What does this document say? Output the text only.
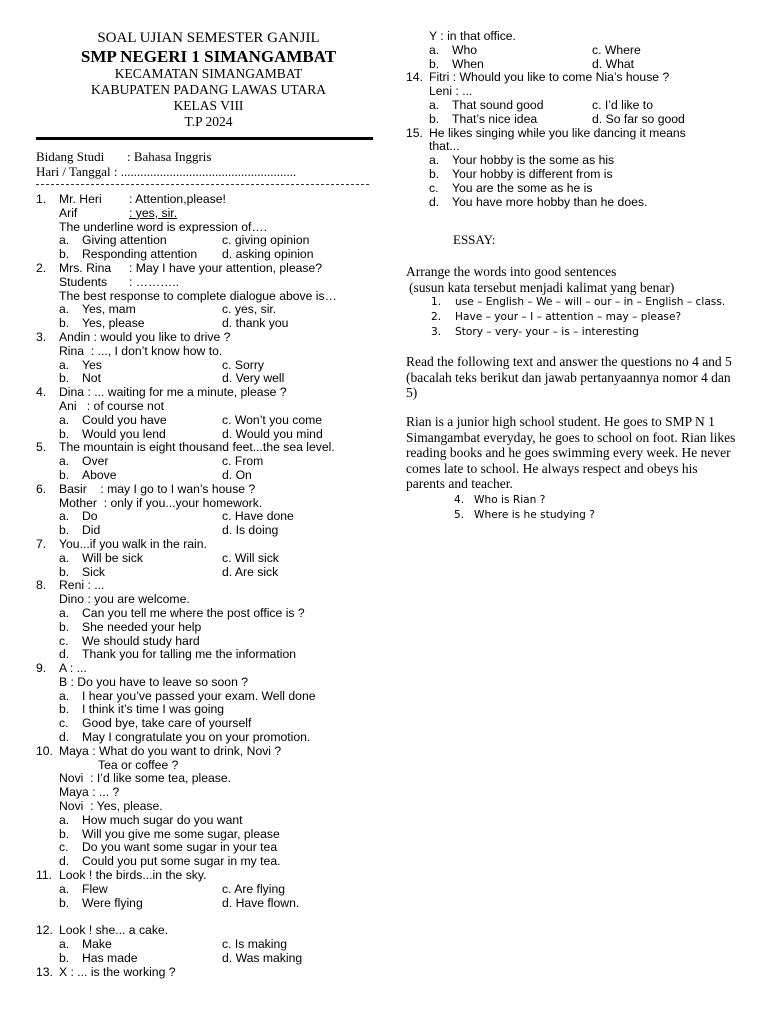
SOAL UJIAN SEMESTER GANJIL
SMP NEGERI 1 SIMANGAMBAT
KECAMATAN SIMANGAMBAT
KABUPATEN PADANG LAWAS UTARA
KELAS VIII
T.P 2024
Bidang Studi : Bahasa Inggris
Hari / Tanggal : ......................................................
1. Mr. Heri : Attention,please!
Arif	: yes, sir.
The underline word is expression of….
a. Giving attention	c. giving opinion
b. Responding attention	d. asking opinion
2. Mrs. Rina : May I have your attention, please?
Students : ………..
The best response to complete dialogue above is…
a. Yes, mam	c. yes, sir.
b. Yes, please	d. thank you
3. Andin : would you like to drive ?
Rina  : ..., I don’t know how to.
a. Yes	c. Sorry
b. Not	d. Very well
4. Dina : ... waiting for me a minute, please ?
Ani   : of course not
a. Could you have	c. Won’t you come
b. Would you lend	d. Would you mind
5. The mountain is eight thousand feet...the sea level.
a. Over	c. From
b. Above	d. On
6. Basir    : may I go to I wan’s house ?
Mother  : only if you...your homework.
a. Do	c. Have done
b. Did	d. Is doing
7. You...if you walk in the rain.
a. Will be sick	c. Will sick
b. Sick	d. Are sick
8. Reni : ...
Dino : you are welcome.
a. Can you tell me where the post office is ?
b. She needed your help
c. We should study hard
d. Thank you for talling me the information
9. A : ...
B : Do you have to leave so soon ?
a. I hear you’ve passed your exam. Well done
b. I think it’s time I was going
c. Good bye, take care of yourself
d. May I congratulate you on your promotion.
10. Maya : What do you want to drink, Novi ?
Tea or coffee ?
Novi  : I’d like some tea, please.
Maya : ... ?
Novi  : Yes, please.
a. How much sugar do you want
b. Will you give me some sugar, please
c. Do you want some sugar in your tea
d. Could you put some sugar in my tea.
11. Look ! the birds...in the sky.
a. Flew	c. Are flying
b. Were flying	d. Have flown.
12. Look ! she... a cake.
a. Make	c. Is making
b. Has made	d. Was making
13. X : ... is the working ?
Y : in that office.
a. Who	c. Where
b. When	d. What
14. Fitri : Whould you like to come Nia’s house ?
Leni : ...
a. That sound good	c. I’d like to
b. That’s nice idea	d. So far so good
15. He likes singing while you like dancing it means
that...
a. Your hobby is the some as his
b. Your hobby is different from is
c. You are the some as he is
d. You have more hobby than he does.
ESSAY:
Arrange the words into good sentences
(susun kata tersebut menjadi kalimat yang benar)
1. use – English – We – will – our – in – English – class.
2. Have – your – I – attention – may – please?
3. Story – very- your – is – interesting
Read the following text and answer the questions no 4 and 5
(bacalah teks berikut dan jawab pertanyaannya nomor 4 dan 5)
Rian is a junior high school student. He goes to SMP N 1 Simangambat everyday, he goes to school on foot. Rian likes reading books and he goes swimming every week. He never comes late to school. He always respect and obeys his parents and teacher.
4. Who is Rian ?
5. Where is he studying ?
